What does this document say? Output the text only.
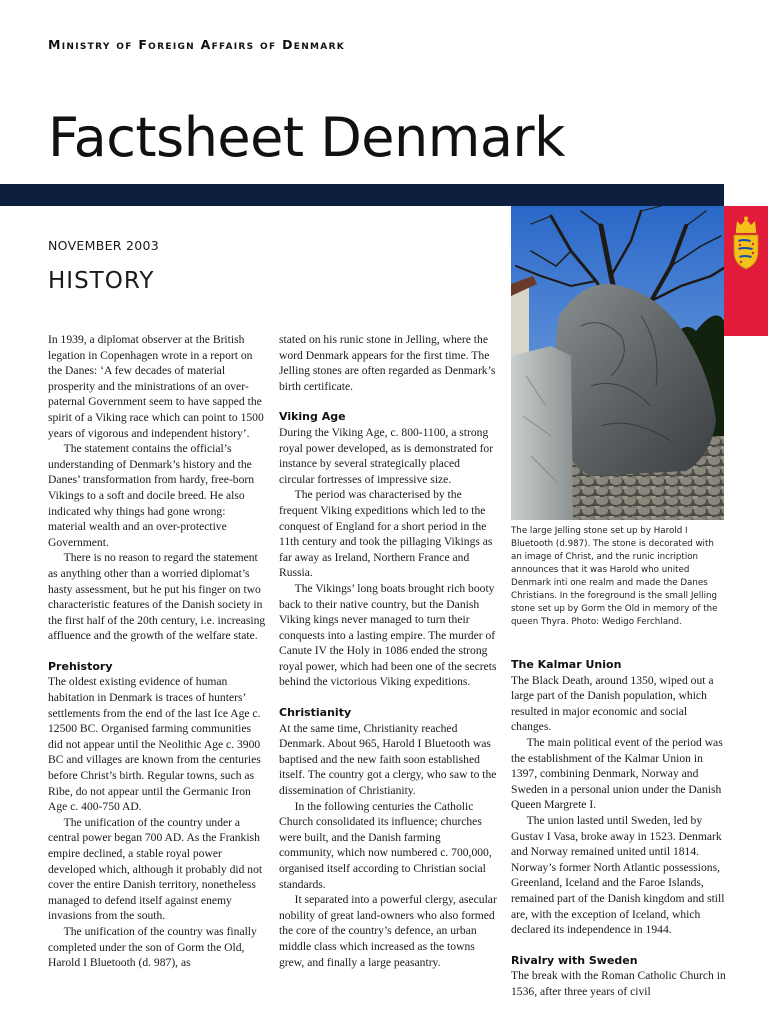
Ministry of Foreign Affairs of Denmark
Factsheet Denmark
NOVEMBER 2003
HISTORY
The large Jelling stone set up by Harold I Bluetooth (d.987). The stone is decorated with an image of Christ, and the runic incription announces that it was Harold who united Denmark inti one realm and made the Danes Christians. In the foreground is the small Jelling stone set up by Gorm the Old in memory of the queen Thyra. Photo: Wedigo Ferchland.

In 1939, a diplomat observer at the British legation in Copenhagen wrote in a report on the Danes: ‘A few decades of material prosperity and the ministrations of an over-paternal Government seem to have sapped the spirit of a Viking race which can point to 1500 years of vigorous and independent history’.

The statement contains the official’s understanding of Denmark’s history and the Danes’ transformation from hardy, free-born Vikings to a soft and docile breed. He also indicated why things had gone wrong: material wealth and an over-protective Government.

There is no reason to regard the statement as anything other than a worried diplomat’s hasty assessment, but he put his finger on two characteristic features of the Danish society in the first half of the 20th century, i.e. increasing affluence and the growth of the welfare state.

Prehistory

The oldest existing evidence of human habitation in Denmark is traces of hunters’ settlements from the end of the last Ice Age c. 12500 BC. Organised farming communities did not appear until the Neolithic Age c. 3900 BC and villages are known from the centuries before Christ’s birth. Regular towns, such as Ribe, do not appear until the Germanic Iron Age c. 400-750 AD.

The unification of the country under a central power began 700 AD. As the Frankish empire declined, a stable royal power developed which, although it probably did not cover the entire Danish territory, nonetheless managed to defend itself against enemy invasions from the south.

The unification of the country was finally completed under the son of Gorm the Old, Harold I Bluetooth (d. 987), as

stated on his runic stone in Jelling, where the word Denmark appears for the first time. The Jelling stones are often regarded as Denmark’s birth certificate.

Viking Age

During the Viking Age, c. 800-1100, a strong royal power developed, as is demonstrated for instance by several strategically placed circular fortresses of impressive size.

The period was characterised by the frequent Viking expeditions which led to the conquest of England for a short period in the 11th century and took the pillaging Vikings as far away as Ireland, Northern France and Russia.

The Vikings’ long boats brought rich booty back to their native country, but the Danish Viking kings never managed to turn their conquests into a lasting empire. The murder of Canute IV the Holy in 1086 ended the strong royal power, which had been one of the secrets behind the victorious Viking expeditions.

Christianity

At the same time, Christianity reached Denmark. About 965, Harold I Bluetooth was baptised and the new faith soon established itself. The country got a clergy, who saw to the dissemination of Christianity.

In the following centuries the Catholic Church consolidated its influence; churches were built, and the Danish farming community, which now numbered c. 700,000, organised itself according to Christian social standards.

It separated into a powerful clergy, asecular nobility of great land-owners who also formed the core of the country’s defence, an urban middle class which increased as the towns grew, and finally a large peasantry.

The Kalmar Union

The Black Death, around 1350, wiped out a large part of the Danish population, which resulted in major economic and social changes.

The main political event of the period was the establishment of the Kalmar Union in 1397, combining Denmark, Norway and Sweden in a personal union under the Danish Queen Margrete I.

The union lasted until Sweden, led by Gustav I Vasa, broke away in 1523. Denmark and Norway remained united until 1814. Norway’s former North Atlantic possessions, Greenland, Iceland and the Faroe Islands, remained part of the Danish kingdom and still are, with the exception of Iceland, which declared its independence in 1944.

Rivalry with Sweden

The break with the Roman Catholic Church in 1536, after three years of civil
